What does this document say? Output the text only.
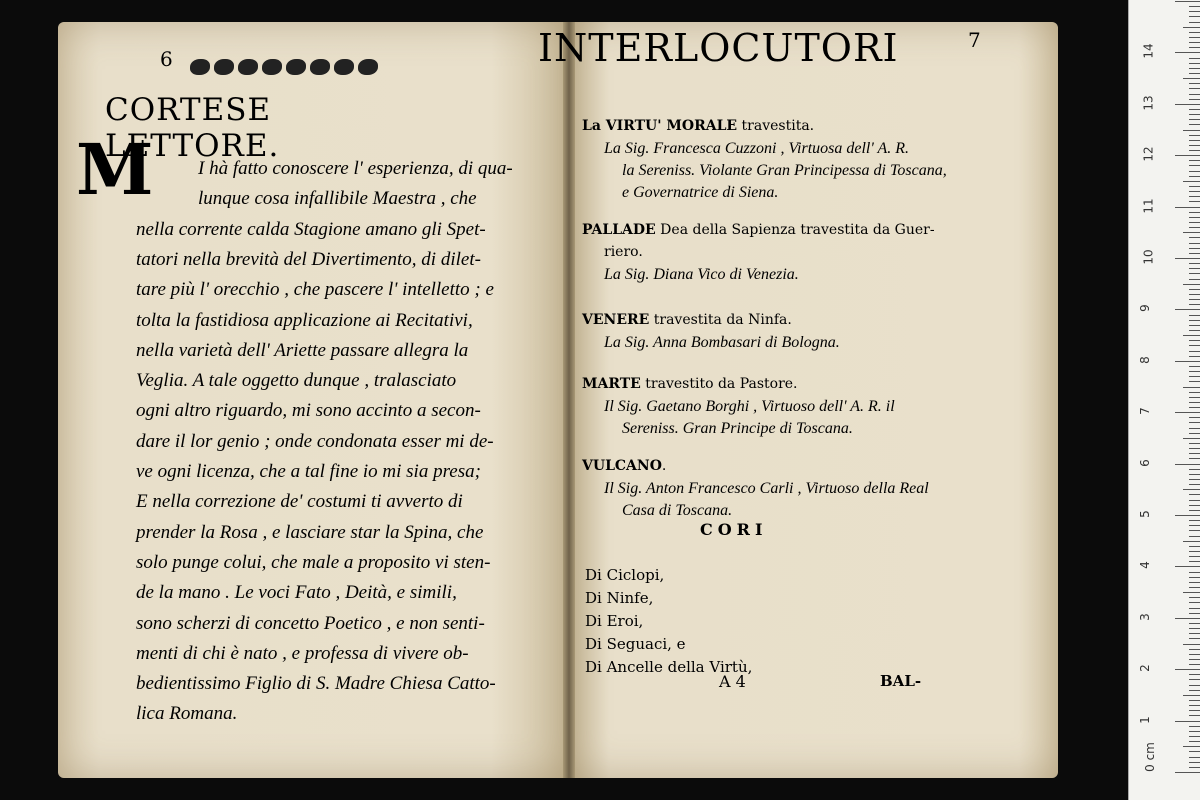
6
CORTESE LETTORE.
M I hà fatto conoscere l' esperienza, di qua-
lunque cosa infallibile Maestra , che
nella corrente calda Stagione amano gli Spet-
tatori nella brevità del Divertimento, di dilet-
tare più l' orecchio , che pascere l' intelletto ; e
tolta la fastidiosa applicazione ai Recitativi,
nella varietà dell' Ariette passare allegra la
Veglia. A tale oggetto dunque , tralasciato
ogni altro riguardo, mi sono accinto a secon-
dare il lor genio ; onde condonata esser mi de-
ve ogni licenza, che a tal fine io mi sia presa;
E nella correzione de' costumi ti avverto di
prender la Rosa , e lasciare star la Spina, che
solo punge colui, che male a proposito vi sten-
de la mano . Le voci Fato , Deità, e simili,
sono scherzi di concetto Poetico , e non senti-
menti di chi è nato , e professa di vivere ob-
bedientissimo Figlio di S. Madre Chiesa Catto-
lica Romana.
7
INTERLOCUTORI
La VIRTU' MORALE travestita.
La Sig. Francesca Cuzzoni , Virtuosa dell' A. R.
la Sereniss. Violante Gran Principessa di Toscana,
e Governatrice di Siena.
PALLADE Dea della Sapienza travestita da Guer-
riero.
La Sig. Diana Vico di Venezia.
VENERE travestita da Ninfa.
La Sig. Anna Bombasari di Bologna.
MARTE travestito da Pastore.
Il Sig. Gaetano Borghi , Virtuoso dell' A. R. il
Sereniss. Gran Principe di Toscana.
VULCANO.
Il Sig. Anton Francesco Carli , Virtuoso della Real
Casa di Toscana.
CORI
Di Ciclopi,
Di Ninfe,
Di Eroi,
Di Seguaci, e
Di Ancelle della Virtù,
A 4	BAL-
0 cm
1
2
3
4
5
6
7
8
9
10
11
12
13
14
